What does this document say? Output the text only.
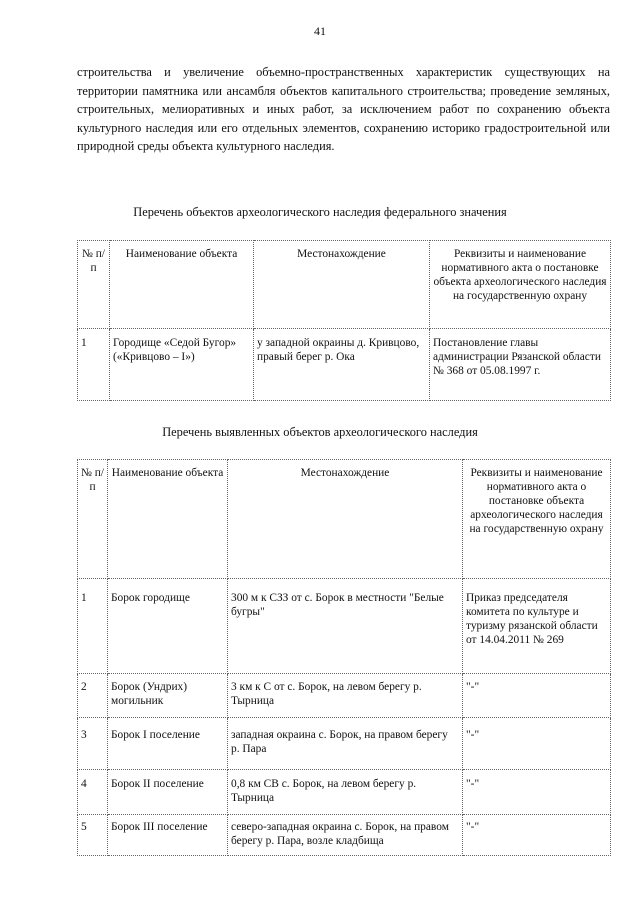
41
строительства и увеличение объемно-пространственных характеристик существующих на территории памятника или ансамбля объектов капитального строительства; проведение земляных, строительных, мелиоративных и иных работ, за исключением работ по сохранению объекта культурного наследия или его отдельных элементов, сохранению историко градостроительной или природной среды объекта культурного наследия.
Перечень объектов археологического наследия федерального значения
№ п/п	Наименование объекта	Местонахождение	Реквизиты и наименование нормативного акта о постановке объекта археологического наследия на государственную охрану
1	Городище «Седой Бугор» («Кривцово – I»)	у западной окраины д. Кривцово, правый берег р. Ока	Постановление главы администрации Рязанской области № 368 от 05.08.1997 г.
Перечень выявленных объектов археологического наследия
№ п/п	Наименование объекта	Местонахождение	Реквизиты и наименование нормативного акта о постановке объекта археологического наследия на государственную охрану
1	Борок городище	300 м к СЗЗ от с. Борок в местности "Белые бугры"	Приказ председателя комитета по культуре и туризму рязанской области от 14.04.2011 № 269
2	Борок (Ундрих) могильник	3 км к С от с. Борок, на левом берегу р. Тырница	"-"
3	Борок I поселение	западная окраина с. Борок, на правом берегу р. Пара	"-"
4	Борок II поселение	0,8 км СВ с. Борок, на левом берегу р. Тырница	"-"
5	Борок III поселение	северо-западная окраина с. Борок, на правом берегу р. Пара, возле кладбища	"-"
